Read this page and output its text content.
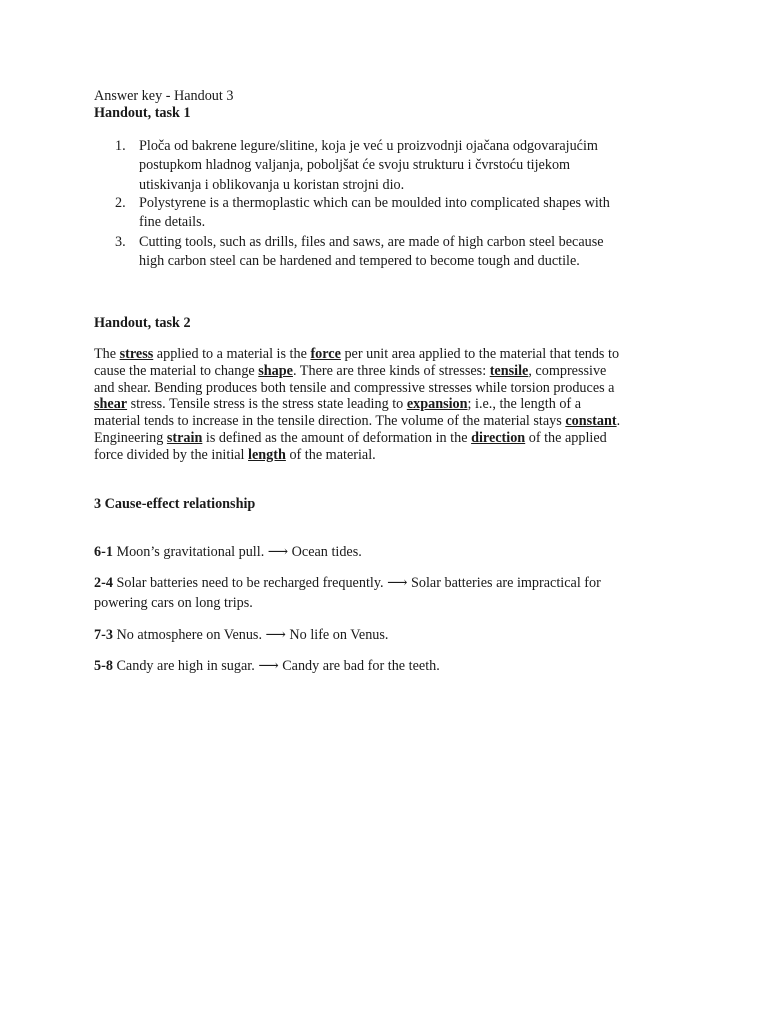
Answer key - Handout 3

Handout, task 1

1. Ploča od bakrene legure/slitine, koja je već u proizvodnji ojačana odgovarajućim
postupkom hladnog valjanja, poboljšat će svoju strukturu i čvrstoću tijekom
utiskivanja i oblikovanja u koristan strojni dio.
2. Polystyrene is a thermoplastic which can be moulded into complicated shapes with
fine details.
3. Cutting tools, such as drills, files and saws, are made of high carbon steel because
high carbon steel can be hardened and tempered to become tough and ductile.

Handout, task 2

The stress applied to a material is the force per unit area applied to the material that tends to
cause the material to change shape. There are three kinds of stresses: tensile, compressive
and shear. Bending produces both tensile and compressive stresses while torsion produces a
shear stress. Tensile stress is the stress state leading to expansion; i.e., the length of a
material tends to increase in the tensile direction. The volume of the material stays constant.
Engineering strain is defined as the amount of deformation in the direction of the applied
force divided by the initial length of the material.

3 Cause-effect relationship

6-1 Moon’s gravitational pull. ⟶ Ocean tides.
2-4 Solar batteries need to be recharged frequently. ⟶ Solar batteries are impractical for
powering cars on long trips.
7-3 No atmosphere on Venus. ⟶ No life on Venus.
5-8 Candy are high in sugar. ⟶ Candy are bad for the teeth.
